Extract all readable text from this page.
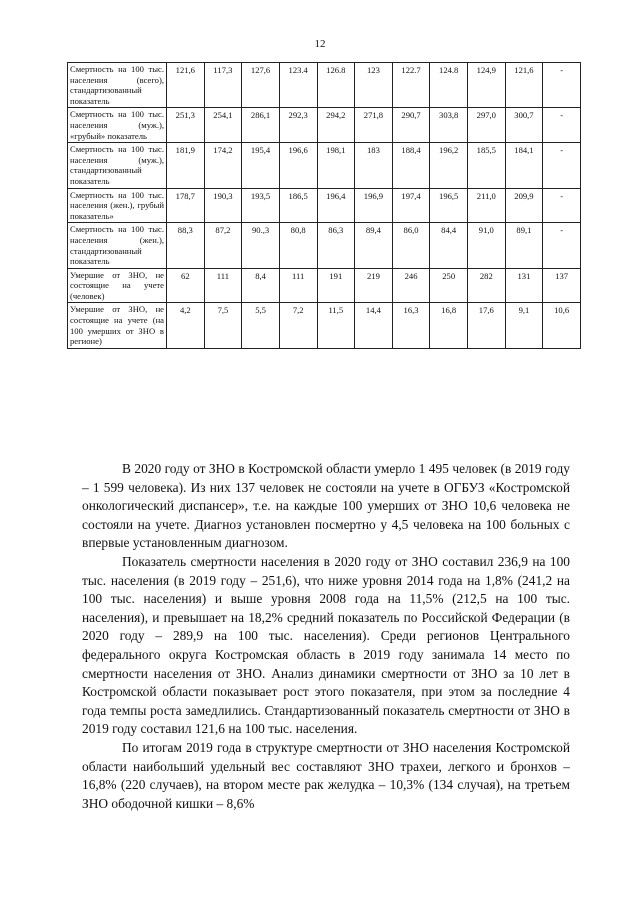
12
Смертность на 100 тыс. населения (всего), стандартизованный показатель	121,6	117,3	127,6	123.4	126.8	123	122.7	124.8	124,9	121,6	-
Смертность на 100 тыс. населения (муж.), «грубый» показатель	251,3	254,1	286,1	292,3	294,2	271,8	290,7	303,8	297,0	300,7	-
Смертность на 100 тыс. населения (муж.), стандартизованный показатель	181,9	174,2	195,4	196,6	198,1	183	188,4	196,2	185,5	184,1	-
Смертность на 100 тыс. населения (жен.), грубый показатель»	178,7	190,3	193,5	186,5	196,4	196,9	197,4	196,5	211,0	209,9	-
Смертность на 100 тыс. населения (жен.), стандартизованный показатель	88,3	87,2	90.,3	80,8	86,3	89,4	86,0	84,4	91,0	89,1	-
Умершие от ЗНО, не состоящие на учете (человек)	62	111	8,4	111	191	219	246	250	282	131	137
Умершие от ЗНО, не состоящие на учете (на 100 умерших от ЗНО в регионе)	4,2	7,5	5,5	7,2	11,5	14,4	16,3	16,8	17,6	9,1	10,6

В 2020 году от ЗНО в Костромской области умерло 1 495 человек (в 2019 году – 1 599 человека). Из них 137 человек не состояли на учете в ОГБУЗ «Костромской онкологический диспансер», т.е. на каждые 100 умерших от ЗНО 10,6 человека не состояли на учете. Диагноз установлен посмертно у 4,5 человека на 100 больных с впервые установленным диагнозом.

Показатель смертности населения в 2020 году от ЗНО составил 236,9 на 100 тыс. населения (в 2019 году – 251,6), что ниже уровня 2014 года на 1,8% (241,2 на 100 тыс. населения) и выше уровня 2008 года на 11,5% (212,5 на 100 тыс. населения), и превышает на 18,2% средний показатель по Российской Федерации (в 2020 году – 289,9 на 100 тыс. населения). Среди регионов Центрального федерального округа Костромская область в 2019 году занимала 14 место по смертности населения от ЗНО. Анализ динамики смертности от ЗНО за 10 лет в Костромской области показывает рост этого показателя, при этом за последние 4 года темпы роста замедлились. Стандартизованный показатель смертности от ЗНО в 2019 году составил 121,6 на 100 тыс. населения.

По итогам 2019 года в структуре смертности от ЗНО населения Костромской области наибольший удельный вес составляют ЗНО трахеи, легкого и бронхов – 16,8% (220 случаев), на втором месте рак желудка – 10,3% (134 случая), на третьем ЗНО ободочной кишки – 8,6%
